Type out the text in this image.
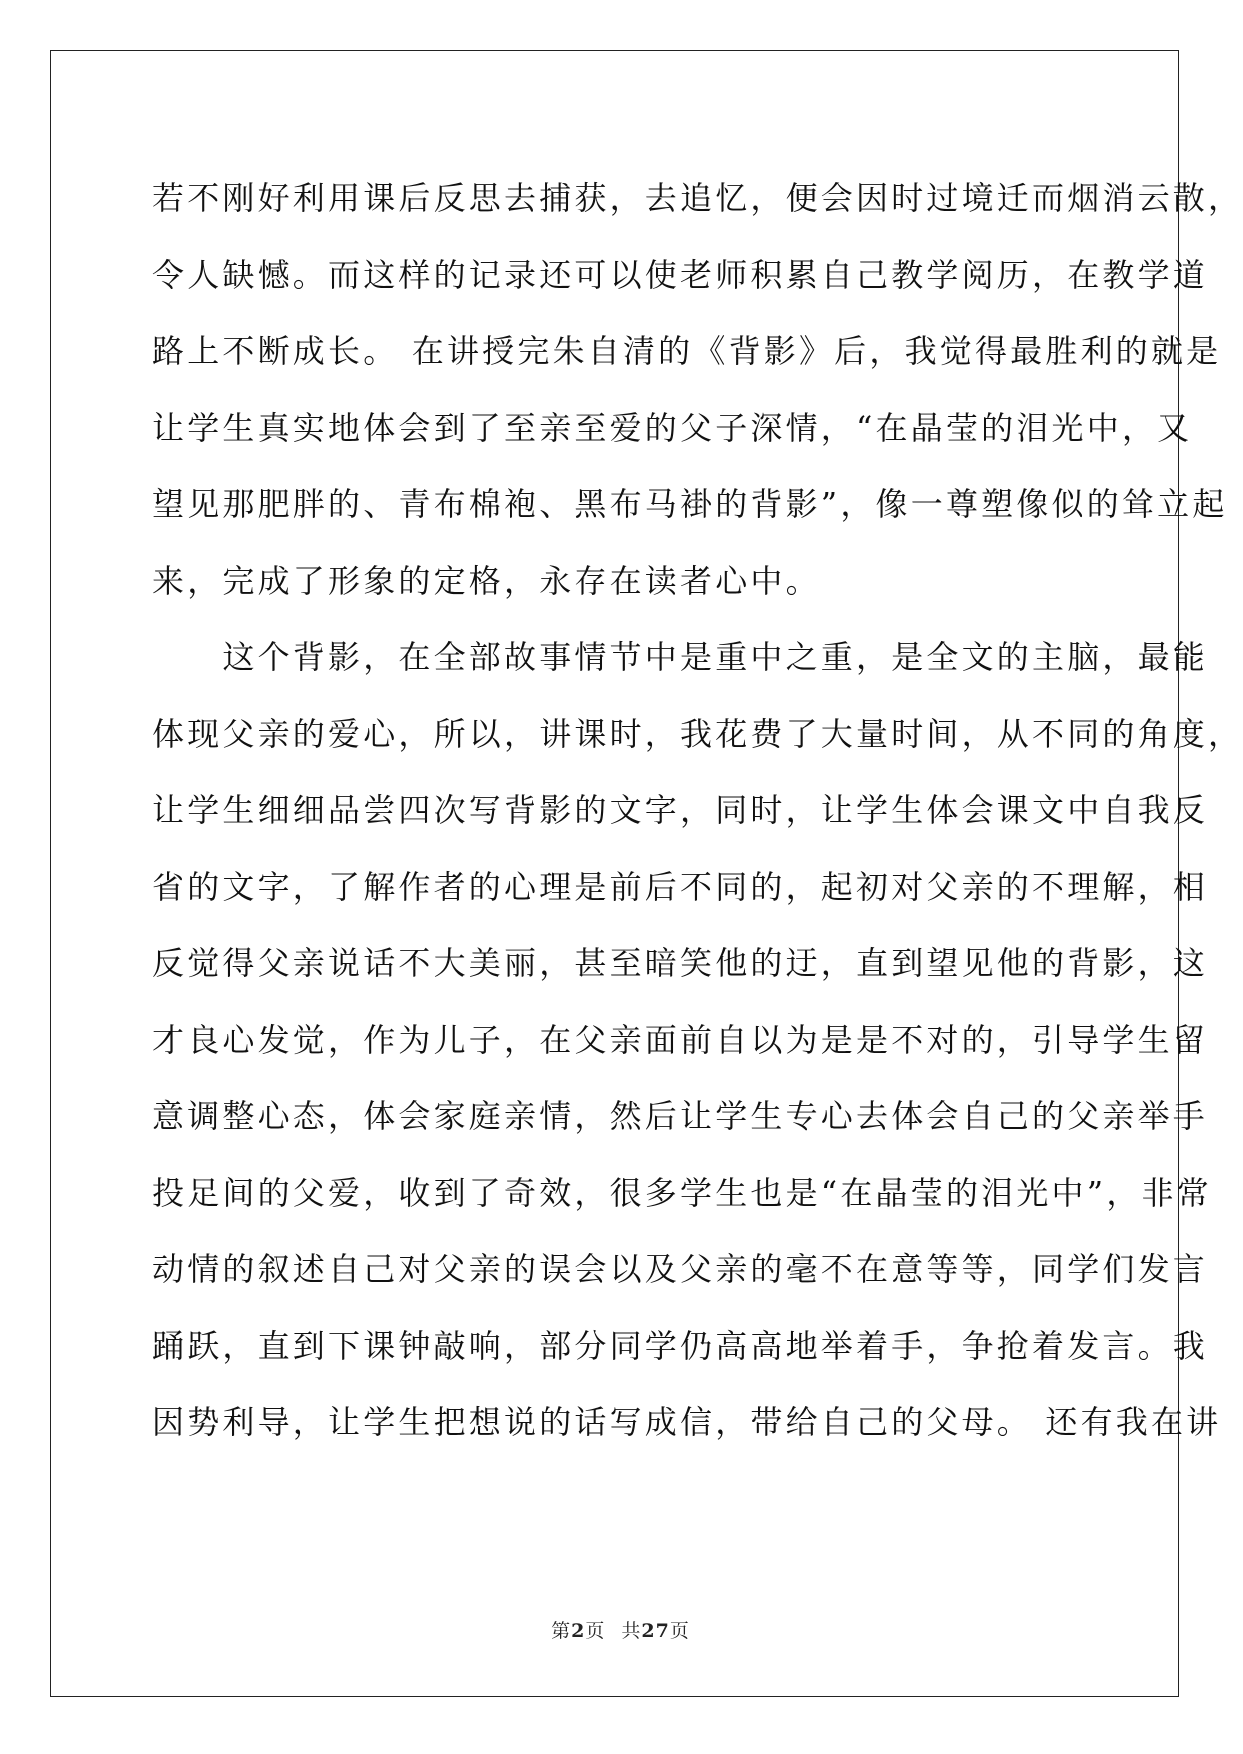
若不刚好利用课后反思去捕获，去追忆，便会因时过境迁而烟消云散，
令人缺憾。而这样的记录还可以使老师积累自己教学阅历，在教学道
路上不断成长。 在讲授完朱自清的《背影》后，我觉得最胜利的就是
让学生真实地体会到了至亲至爱的父子深情，“在晶莹的泪光中，又
望见那肥胖的、青布棉袍、黑布马褂的背影”，像一尊塑像似的耸立起
来，完成了形象的定格，永存在读者心中。
　　这个背影，在全部故事情节中是重中之重，是全文的主脑，最能
体现父亲的爱心，所以，讲课时，我花费了大量时间，从不同的角度，
让学生细细品尝四次写背影的文字，同时，让学生体会课文中自我反
省的文字，了解作者的心理是前后不同的，起初对父亲的不理解，相
反觉得父亲说话不大美丽，甚至暗笑他的迂，直到望见他的背影，这
才良心发觉，作为儿子，在父亲面前自以为是是不对的，引导学生留
意调整心态，体会家庭亲情，然后让学生专心去体会自己的父亲举手
投足间的父爱，收到了奇效，很多学生也是“在晶莹的泪光中”，非常
动情的叙述自己对父亲的误会以及父亲的毫不在意等等，同学们发言
踊跃，直到下课钟敲响，部分同学仍高高地举着手，争抢着发言。我
因势利导，让学生把想说的话写成信，带给自己的父母。 还有我在讲
第2页 共27页
